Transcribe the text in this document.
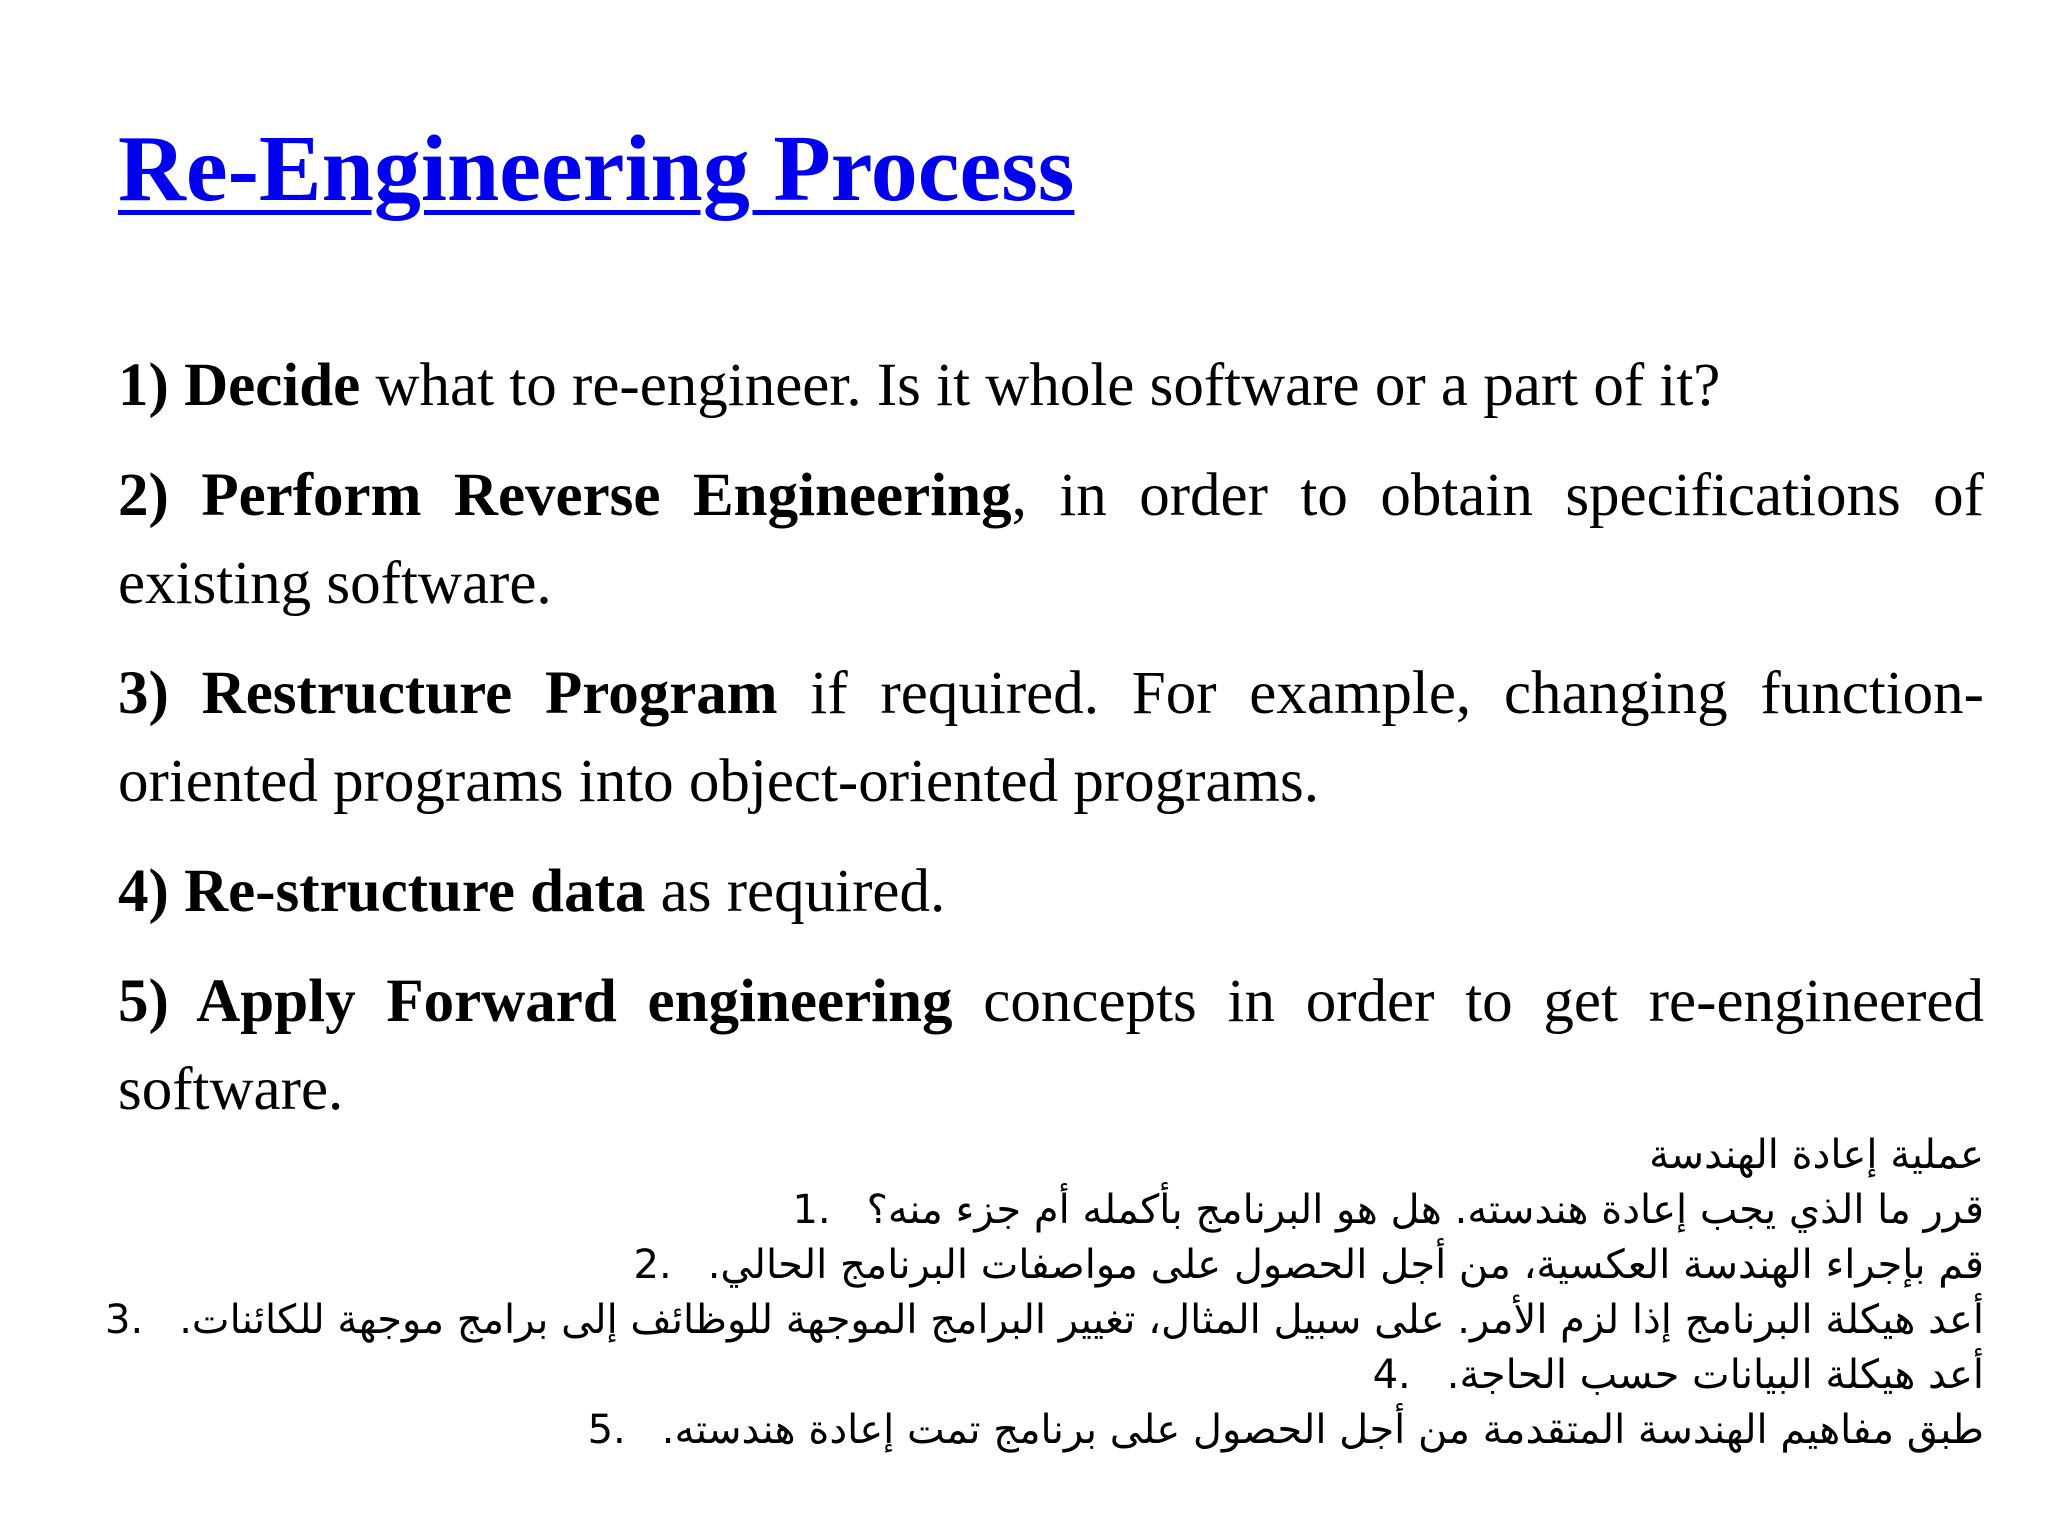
Re-Engineering Process

1) Decide what to re-engineer. Is it whole software or a part of it?

2) Perform Reverse Engineering, in order to obtain specifications of existing software.

3) Restructure Program if required. For example, changing function-oriented programs into object-oriented programs.

4) Re-structure data as required.

5) Apply Forward engineering concepts in order to get re-engineered software.

عملية إعادة الهندسة

قرر ما الذي يجب إعادة هندسته. هل هو البرنامج بأكمله أم جزء منه؟1.
قم بإجراء الهندسة العكسية، من أجل الحصول على مواصفات البرنامج الحالي.2.
أعد هيكلة البرنامج إذا لزم الأمر. على سبيل المثال، تغيير البرامج الموجهة للوظائف إلى برامج موجهة للكائنات.3.
أعد هيكلة البيانات حسب الحاجة.4.
طبق مفاهيم الهندسة المتقدمة من أجل الحصول على برنامج تمت إعادة هندسته.5.
